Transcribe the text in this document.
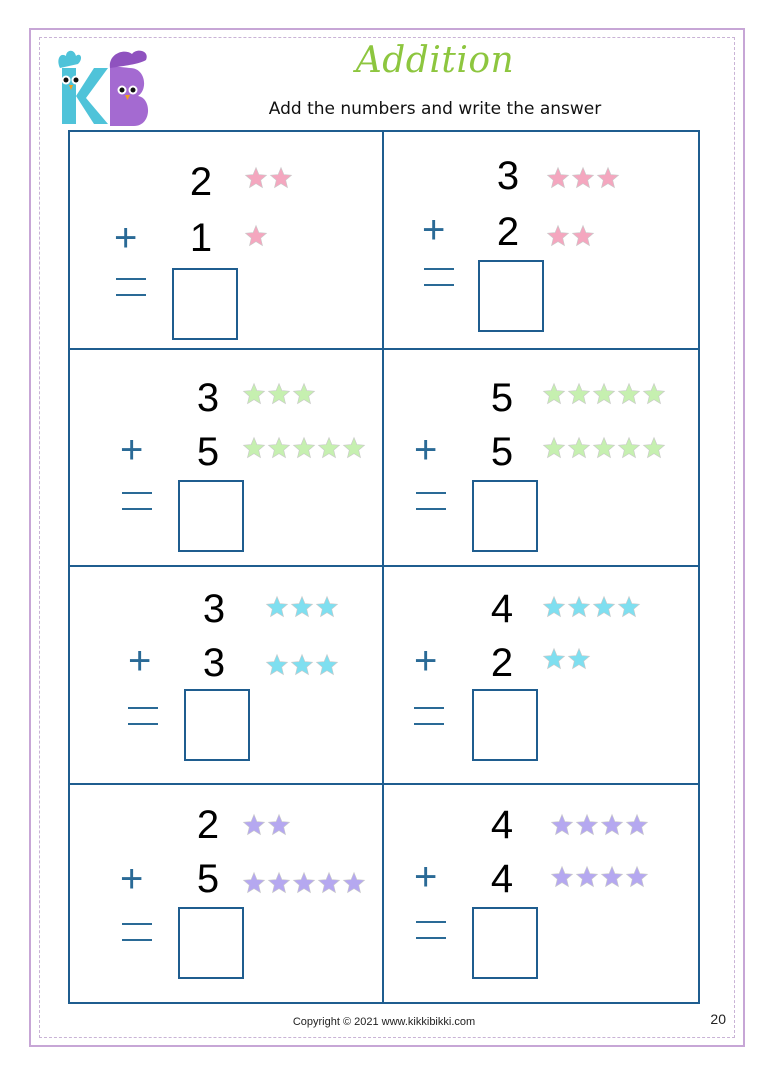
Addition
Add the numbers and write the answer
2
1
+
3
2
+
3
5
+
5
5
+
3
3
+
4
2
+
2
5
+
4
4
+
Copyright © 2021 www.kikkibikki.com	20
